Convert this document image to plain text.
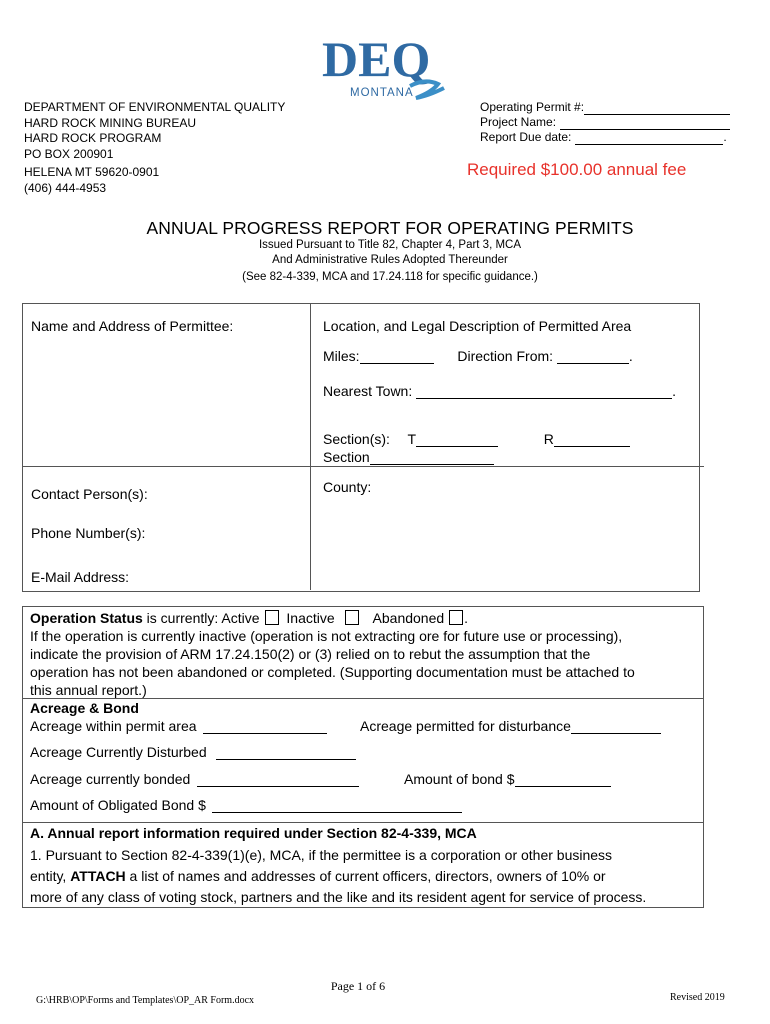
DEQ
MONTANA
DEPARTMENT OF ENVIRONMENTAL QUALITY
HARD ROCK MINING BUREAU
HARD ROCK PROGRAM
PO BOX 200901
HELENA MT 59620-0901
(406) 444-4953
Operating Permit #:
Project Name:
Report Due date:	.
Required $100.00 annual fee
ANNUAL PROGRESS REPORT FOR OPERATING PERMITS
Issued Pursuant to Title 82, Chapter 4, Part 3, MCA
And Administrative Rules Adopted Thereunder
(See 82-4-339, MCA and 17.24.118 for specific guidance.)
Name and Address of Permittee:	Location, and Legal Description of Permitted Area
Miles:	Direction From:	.
Nearest Town:	.
Section(s): T	R
Section
County:
Contact Person(s):
Phone Number(s):
E-Mail Address:
Operation Status is currently: Active Inactive	Abandoned .
If the operation is currently inactive (operation is not extracting ore for future use or processing),
indicate the provision of ARM 17.24.150(2) or (3) relied on to rebut the assumption that the
operation has not been abandoned or completed. (Supporting documentation must be attached to
this annual report.)
Acreage & Bond
Acreage within permit area	Acreage permitted for disturbance
Acreage Currently Disturbed
Acreage currently bonded	Amount of bond $
Amount of Obligated Bond $
A. Annual report information required under Section 82-4-339, MCA
1. Pursuant to Section 82-4-339(1)(e), MCA, if the permittee is a corporation or other business
entity, ATTACH a list of names and addresses of current officers, directors, owners of 10% or
more of any class of voting stock, partners and the like and its resident agent for service of process.
Page 1 of 6
G:\HRB\OP\Forms and Templates\OP_AR Form.docx	Revised 2019
